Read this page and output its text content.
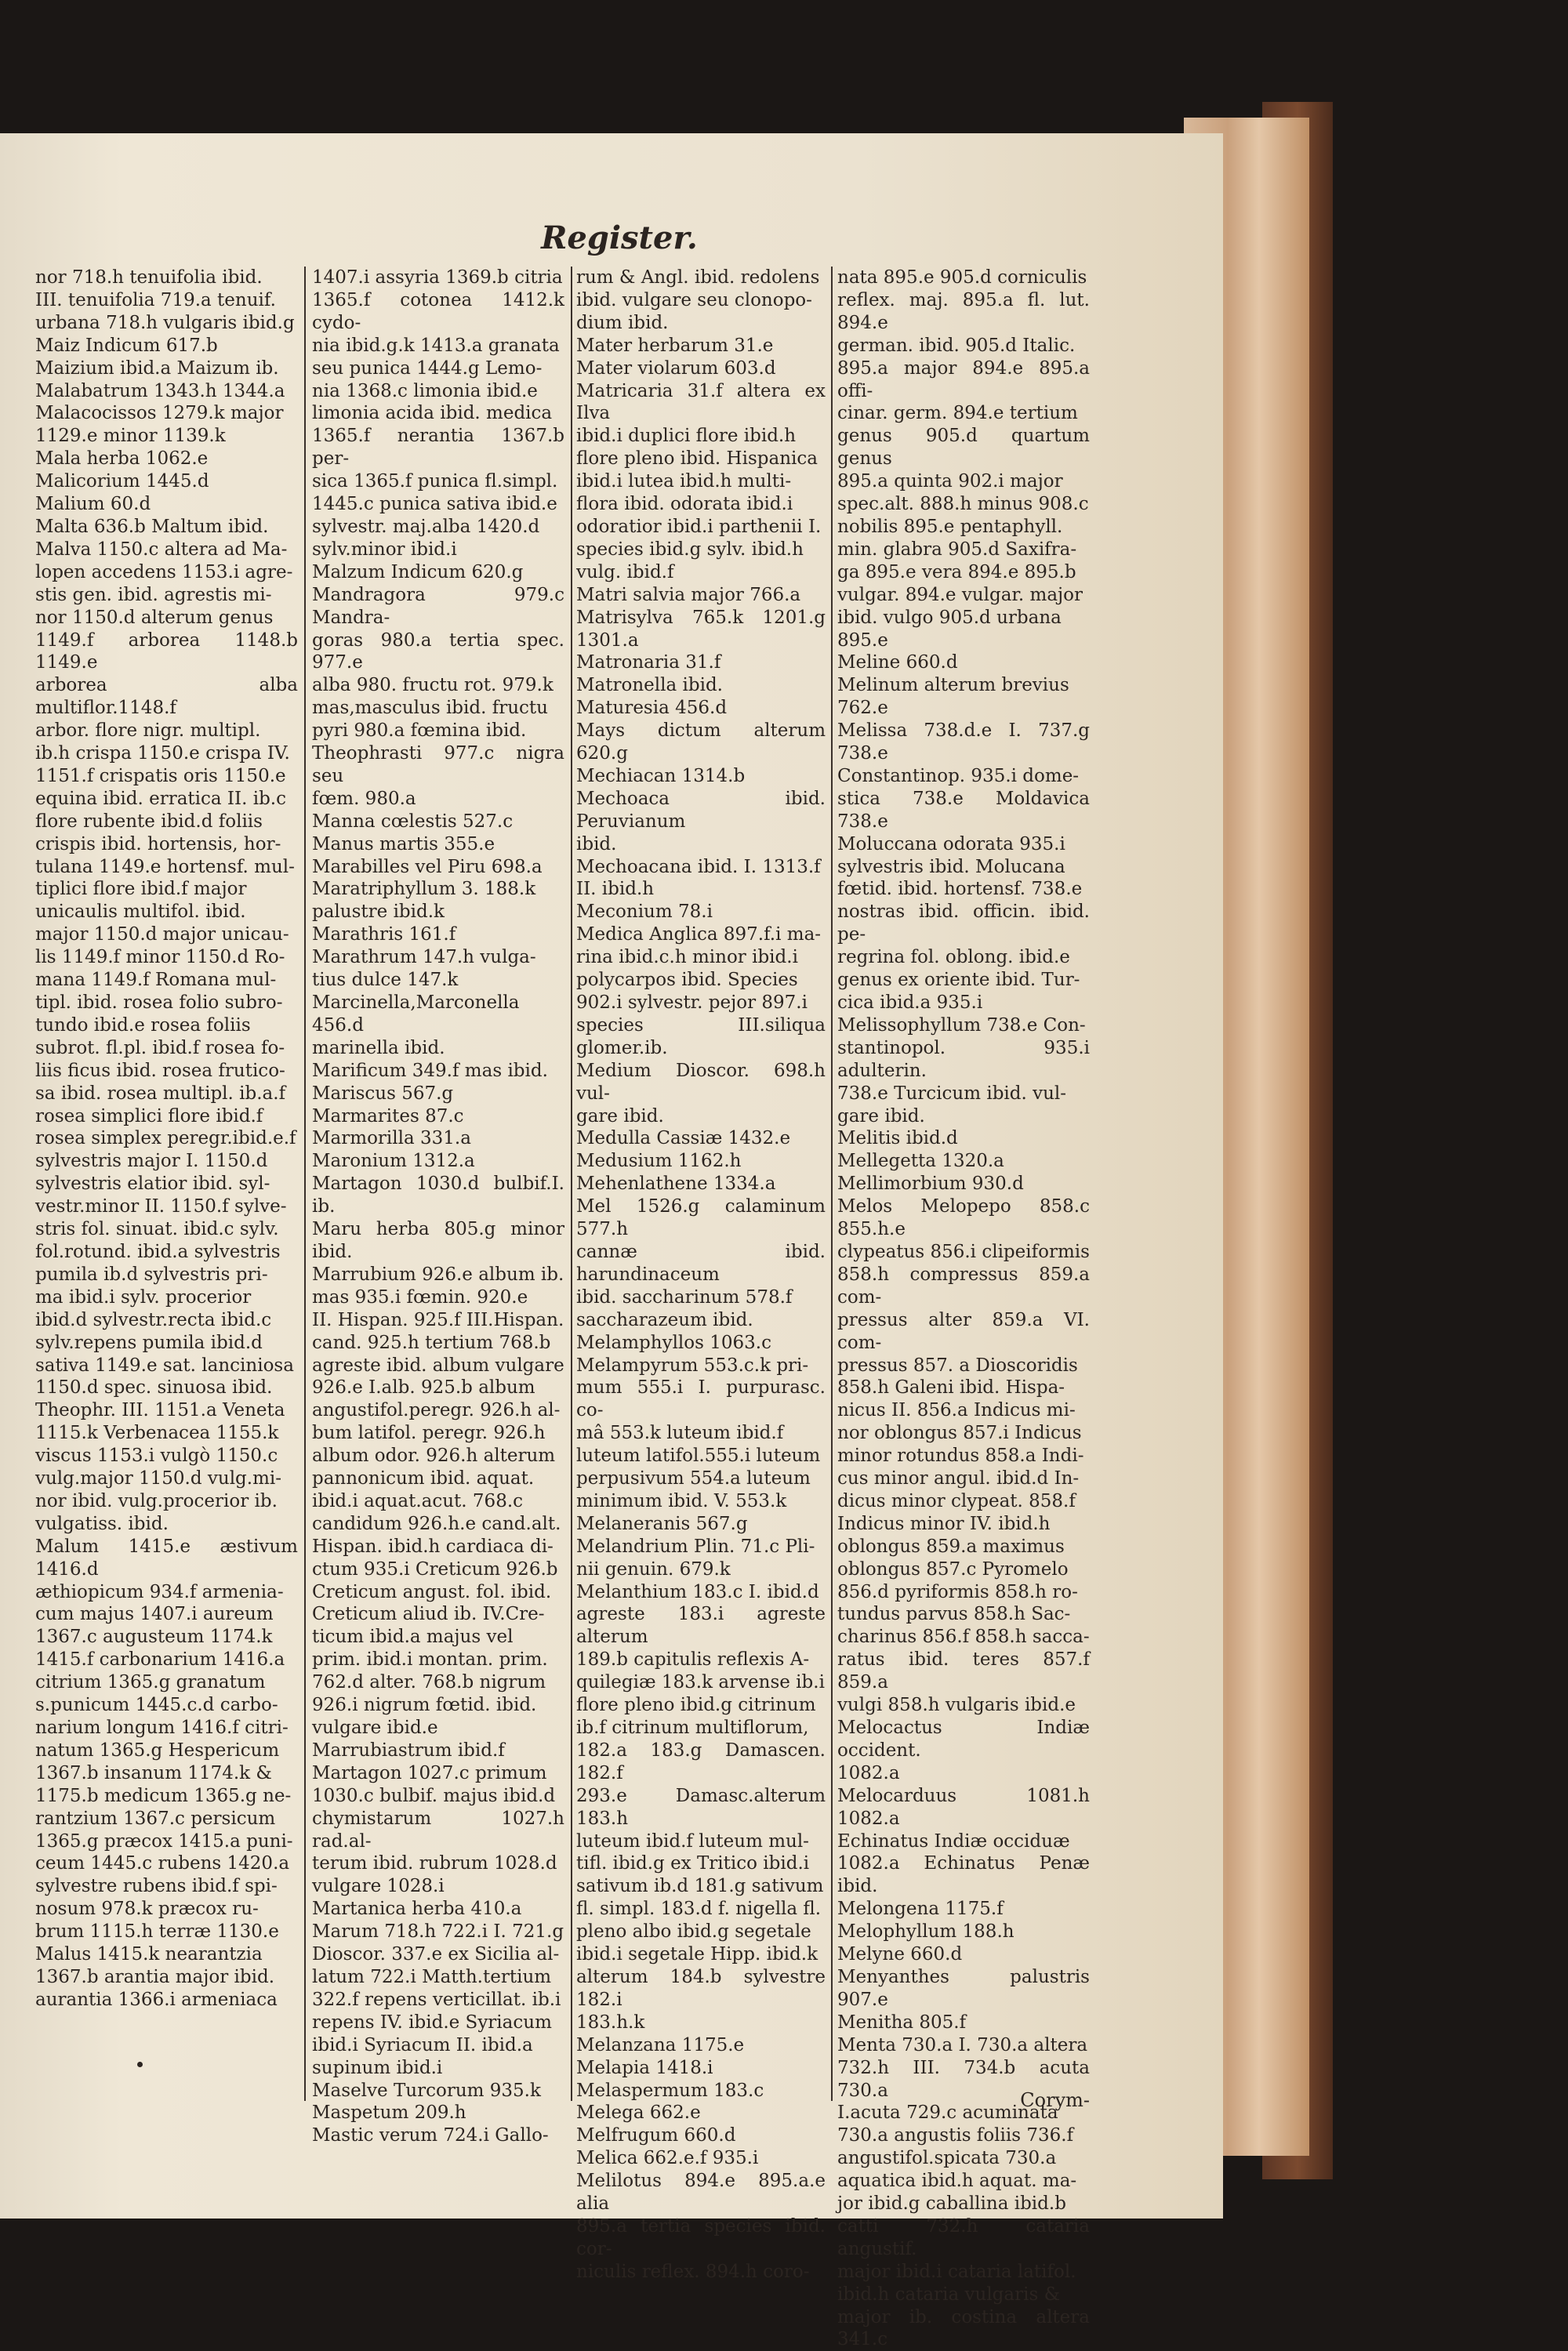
Register.

nor 718.h tenuifolia ibid.

III. tenuifolia 719.a tenuif.

urbana 718.h vulgaris ibid.g

Maiz Indicum 617.b

Maizium ibid.a Maizum ib.

Malabatrum 1343.h 1344.a

Malacocissos 1279.k major

1129.e minor 1139.k

Mala herba 1062.e

Malicorium 1445.d

Malium 60.d

Malta 636.b Maltum ibid.

Malva 1150.c altera ad Ma-

lopen accedens 1153.i agre-

stis gen. ibid. agrestis mi-

nor 1150.d alterum genus

1149.f arborea 1148.b 1149.e

arborea alba multiflor.1148.f

arbor. flore nigr. multipl.

ib.h crispa 1150.e crispa IV.

1151.f crispatis oris 1150.e

equina ibid. erratica II. ib.c

flore rubente ibid.d foliis

crispis ibid. hortensis, hor-

tulana 1149.e hortensf. mul-

tiplici flore ibid.f major

unicaulis multifol. ibid.

major 1150.d major unicau-

lis 1149.f minor 1150.d Ro-

mana 1149.f Romana mul-

tipl. ibid. rosea folio subro-

tundo ibid.e rosea foliis

subrot. fl.pl. ibid.f rosea fo-

liis ficus ibid. rosea frutico-

sa ibid. rosea multipl. ib.a.f

rosea simplici flore ibid.f

rosea simplex peregr.ibid.e.f

sylvestris major I. 1150.d

sylvestris elatior ibid. syl-

vestr.minor II. 1150.f sylve-

stris fol. sinuat. ibid.c sylv.

fol.rotund. ibid.a sylvestris

pumila ib.d sylvestris pri-

ma ibid.i sylv. procerior

ibid.d sylvestr.recta ibid.c

sylv.repens pumila ibid.d

sativa 1149.e sat. lanciniosa

1150.d spec. sinuosa ibid.

Theophr. III. 1151.a Veneta

1115.k Verbenacea 1155.k

viscus 1153.i vulgò 1150.c

vulg.major 1150.d vulg.mi-

nor ibid. vulg.procerior ib.

vulgatiss. ibid.

Malum 1415.e æstivum 1416.d

æthiopicum 934.f armenia-

cum majus 1407.i aureum

1367.c augusteum 1174.k

1415.f carbonarium 1416.a

citrium 1365.g granatum

s.punicum 1445.c.d carbo-

narium longum 1416.f citri-

natum 1365.g Hespericum

1367.b insanum 1174.k &

1175.b medicum 1365.g ne-

rantzium 1367.c persicum

1365.g præcox 1415.a puni-

ceum 1445.c rubens 1420.a

sylvestre rubens ibid.f spi-

nosum 978.k præcox ru-

brum 1115.h terræ 1130.e

Malus 1415.k nearantzia

1367.b arantia major ibid.

aurantia 1366.i armeniaca

1407.i assyria 1369.b citria

1365.f cotonea 1412.k cydo-

nia ibid.g.k 1413.a granata

seu punica 1444.g Lemo-

nia 1368.c limonia ibid.e

limonia acida ibid. medica

1365.f nerantia 1367.b per-

sica 1365.f punica fl.simpl.

1445.c punica sativa ibid.e

sylvestr. maj.alba 1420.d

sylv.minor ibid.i

Malzum Indicum 620.g

Mandragora 979.c Mandra-

goras 980.a tertia spec. 977.e

alba 980. fructu rot. 979.k

mas,masculus ibid. fructu

pyri 980.a fœmina ibid.

Theophrasti 977.c nigra seu

fœm. 980.a

Manna cœlestis 527.c

Manus martis 355.e

Marabilles vel Piru 698.a

Maratriphyllum 3. 188.k

palustre ibid.k

Marathris 161.f

Marathrum 147.h vulga-

tius dulce 147.k

Marcinella,Marconella 456.d

marinella ibid.

Marificum 349.f mas ibid.

Mariscus 567.g

Marmarites 87.c

Marmorilla 331.a

Maronium 1312.a

Martagon 1030.d bulbif.I. ib.

Maru herba 805.g minor ibid.

Marrubium 926.e album ib.

mas 935.i fœmin. 920.e

II. Hispan. 925.f III.Hispan.

cand. 925.h tertium 768.b

agreste ibid. album vulgare

926.e I.alb. 925.b album

angustifol.peregr. 926.h al-

bum latifol. peregr. 926.h

album odor. 926.h alterum

pannonicum ibid. aquat.

ibid.i aquat.acut. 768.c

candidum 926.h.e cand.alt.

Hispan. ibid.h cardiaca di-

ctum 935.i Creticum 926.b

Creticum angust. fol. ibid.

Creticum aliud ib. IV.Cre-

ticum ibid.a majus vel

prim. ibid.i montan. prim.

762.d alter. 768.b nigrum

926.i nigrum fœtid. ibid.

vulgare ibid.e

Marrubiastrum ibid.f

Martagon 1027.c primum

1030.c bulbif. majus ibid.d

chymistarum 1027.h rad.al-

terum ibid. rubrum 1028.d

vulgare 1028.i

Martanica herba 410.a

Marum 718.h 722.i I. 721.g

Dioscor. 337.e ex Sicilia al-

latum 722.i Matth.tertium

322.f repens verticillat. ib.i

repens IV. ibid.e Syriacum

ibid.i Syriacum II. ibid.a

supinum ibid.i

Maselve Turcorum 935.k

Maspetum 209.h

Mastic verum 724.i Gallo-

rum & Angl. ibid. redolens

ibid. vulgare seu clonopo-

dium ibid.

Mater herbarum 31.e

Mater violarum 603.d

Matricaria 31.f altera ex Ilva

ibid.i duplici flore ibid.h

flore pleno ibid. Hispanica

ibid.i lutea ibid.h multi-

flora ibid. odorata ibid.i

odoratior ibid.i parthenii I.

species ibid.g sylv. ibid.h

vulg. ibid.f

Matri salvia major 766.a

Matrisylva 765.k 1201.g 1301.a

Matronaria 31.f

Matronella ibid.

Maturesia 456.d

Mays dictum alterum 620.g

Mechiacan 1314.b

Mechoaca ibid. Peruvianum

ibid.

Mechoacana ibid. I. 1313.f

II. ibid.h

Meconium 78.i

Medica Anglica 897.f.i ma-

rina ibid.c.h minor ibid.i

polycarpos ibid. Species

902.i sylvestr. pejor 897.i

species III.siliqua glomer.ib.

Medium Dioscor. 698.h vul-

gare ibid.

Medulla Cassiæ 1432.e

Medusium 1162.h

Mehenlathene 1334.a

Mel 1526.g calaminum 577.h

cannæ ibid. harundinaceum

ibid. saccharinum 578.f

saccharazeum ibid.

Melamphyllos 1063.c

Melampyrum 553.c.k pri-

mum 555.i I. purpurasc. co-

mâ 553.k luteum ibid.f

luteum latifol.555.i luteum

perpusivum 554.a luteum

minimum ibid. V. 553.k

Melaneranis 567.g

Melandrium Plin. 71.c Pli-

nii genuin. 679.k

Melanthium 183.c I. ibid.d

agreste 183.i agreste alterum

189.b capitulis reflexis A-

quilegiæ 183.k arvense ib.i

flore pleno ibid.g citrinum

ib.f citrinum multiflorum,

182.a 183.g Damascen. 182.f

293.e Damasc.alterum 183.h

luteum ibid.f luteum mul-

tifl. ibid.g ex Tritico ibid.i

sativum ib.d 181.g sativum

fl. simpl. 183.d f. nigella fl.

pleno albo ibid.g segetale

ibid.i segetale Hipp. ibid.k

alterum 184.b sylvestre 182.i

183.h.k

Melanzana 1175.e

Melapia 1418.i

Melaspermum 183.c

Melega 662.e

Melfrugum 660.d

Melica 662.e.f 935.i

Melilotus 894.e 895.a.e alia

895.a tertia species ibid. cor-

niculis reflex. 894.h coro-

nata 895.e 905.d corniculis

reflex. maj. 895.a fl. lut. 894.e

german. ibid. 905.d Italic.

895.a major 894.e 895.a offi-

cinar. germ. 894.e tertium

genus 905.d quartum genus

895.a quinta 902.i major

spec.alt. 888.h minus 908.c

nobilis 895.e pentaphyll.

min. glabra 905.d Saxifra-

ga 895.e vera 894.e 895.b

vulgar. 894.e vulgar. major

ibid. vulgo 905.d urbana

895.e

Meline 660.d

Melinum alterum brevius

762.e

Melissa 738.d.e I. 737.g 738.e

Constantinop. 935.i dome-

stica 738.e Moldavica 738.e

Moluccana odorata 935.i

sylvestris ibid. Molucana

fœtid. ibid. hortensf. 738.e

nostras ibid. officin. ibid. pe-

regrina fol. oblong. ibid.e

genus ex oriente ibid. Tur-

cica ibid.a 935.i

Melissophyllum 738.e Con-

stantinopol. 935.i adulterin.

738.e Turcicum ibid. vul-

gare ibid.

Melitis ibid.d

Mellegetta 1320.a

Mellimorbium 930.d

Melos Melopepo 858.c 855.h.e

clypeatus 856.i clipeiformis

858.h compressus 859.a com-

pressus alter 859.a VI. com-

pressus 857. a Dioscoridis

858.h Galeni ibid. Hispa-

nicus II. 856.a Indicus mi-

nor oblongus 857.i Indicus

minor rotundus 858.a Indi-

cus minor angul. ibid.d In-

dicus minor clypeat. 858.f

Indicus minor IV. ibid.h

oblongus 859.a maximus

oblongus 857.c Pyromelo

856.d pyriformis 858.h ro-

tundus parvus 858.h Sac-

charinus 856.f 858.h sacca-

ratus ibid. teres 857.f 859.a

vulgi 858.h vulgaris ibid.e

Melocactus Indiæ occident.

1082.a

Melocarduus 1081.h 1082.a

Echinatus Indiæ occiduæ

1082.a Echinatus Penæ ibid.

Melongena 1175.f

Melophyllum 188.h

Melyne 660.d

Menyanthes palustris 907.e

Menitha 805.f

Menta 730.a I. 730.a altera

732.h III. 734.b acuta 730.a

I.acuta 729.c acuminata

730.a angustis foliis 736.f

angustifol.spicata 730.a

aquatica ibid.h aquat. ma-

jor ibid.g caballina ibid.b

catti 732.h cataria angustif.

major ibid.i cataria latifol.

ibid.h cataria vulgaris &

major ib. costina altera 341.c

Corym-
